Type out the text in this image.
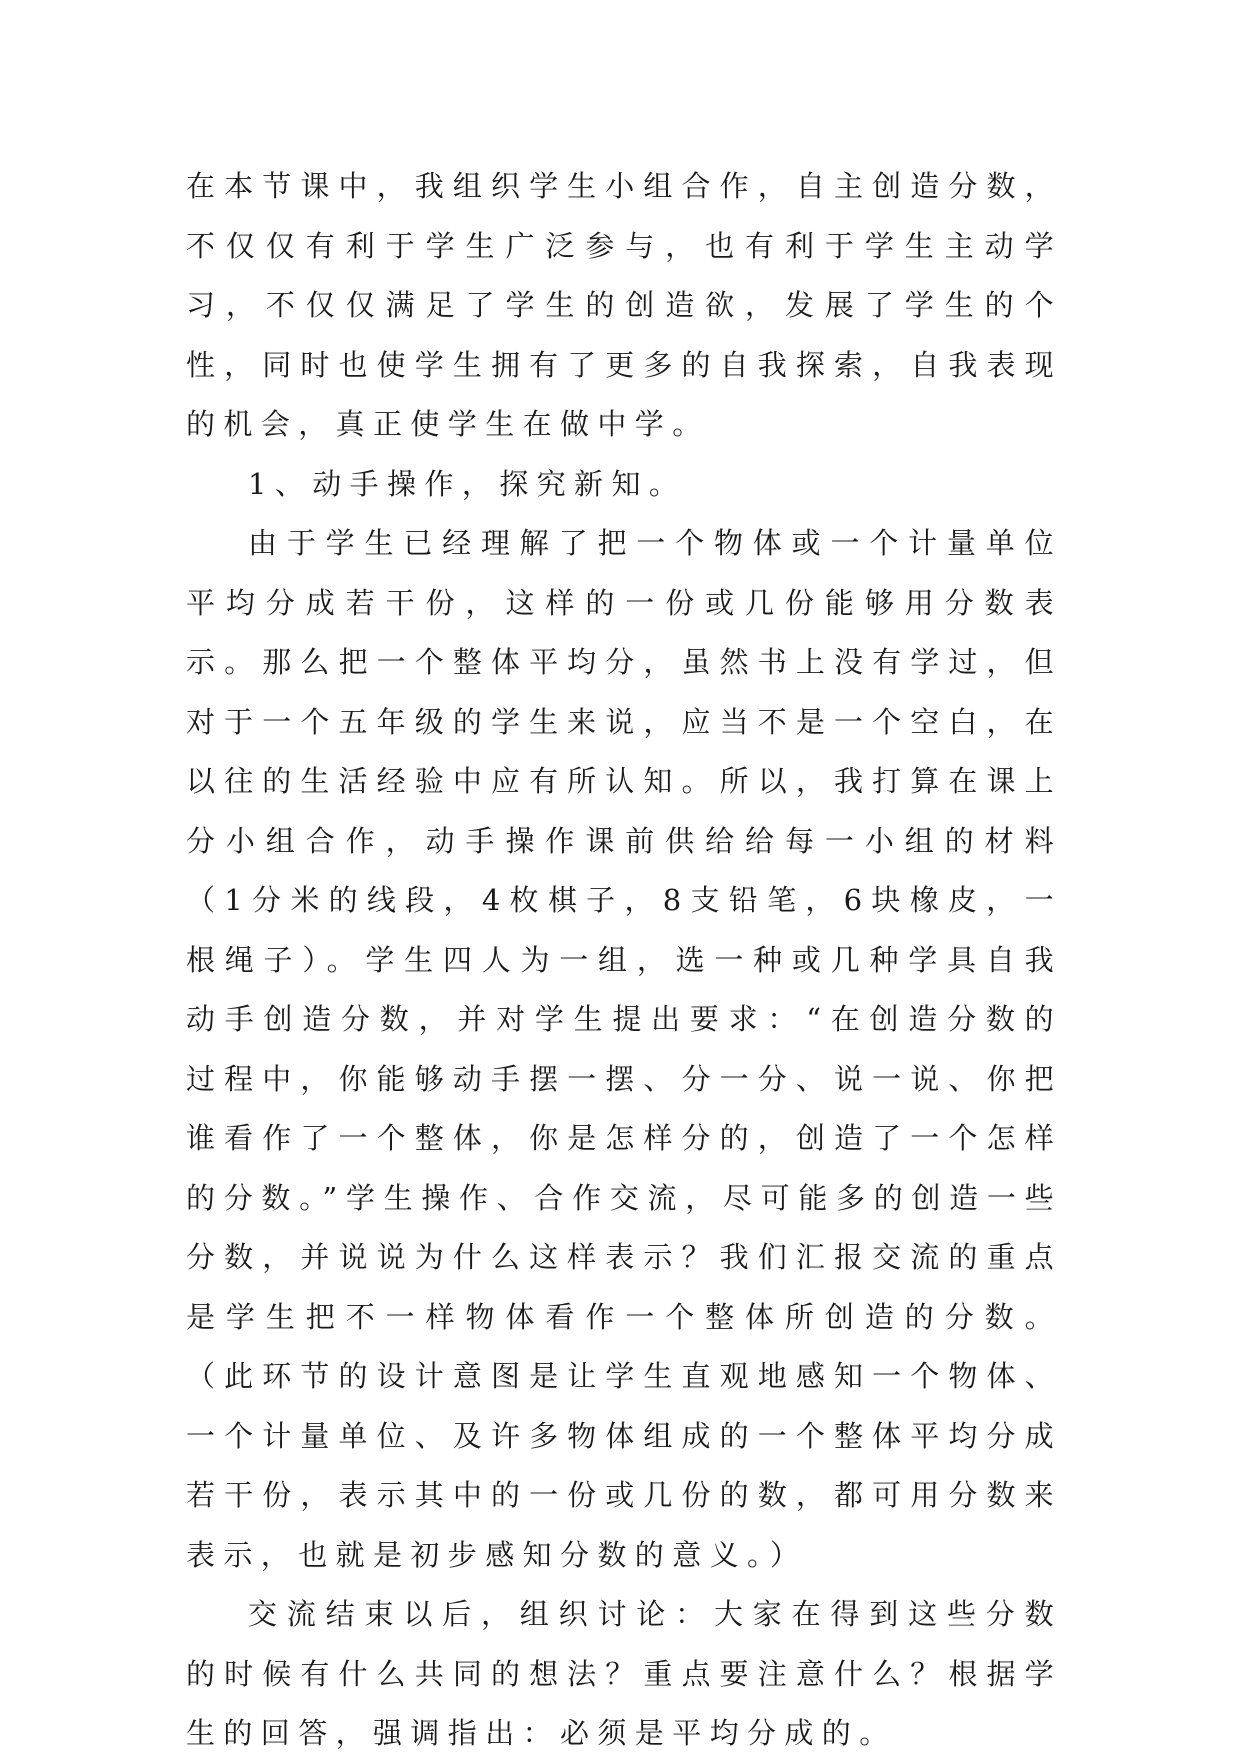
在本节课中，我组织学生小组合作，自主创造分数，不仅仅有利于学生广泛参与，也有利于学生主动学习，不仅仅满足了学生的创造欲，发展了学生的个性，同时也使学生拥有了更多的自我探索，自我表现的机会，真正使学生在做中学。

1、动手操作，探究新知。

由于学生已经理解了把一个物体或一个计量单位平均分成若干份，这样的一份或几份能够用分数表示。那么把一个整体平均分，虽然书上没有学过，但对于一个五年级的学生来说，应当不是一个空白，在以往的生活经验中应有所认知。所以，我打算在课上分小组合作，动手操作课前供给给每一小组的材料（1分米的线段，4枚棋子，8支铅笔，6块橡皮，一根绳子）。学生四人为一组，选一种或几种学具自我动手创造分数，并对学生提出要求：“在创造分数的过程中，你能够动手摆一摆、分一分、说一说、你把谁看作了一个整体，你是怎样分的，创造了一个怎样的分数。”学生操作、合作交流，尽可能多的创造一些分数，并说说为什么这样表示？我们汇报交流的重点是学生把不一样物体看作一个整体所创造的分数。（此环节的设计意图是让学生直观地感知一个物体、一个计量单位、及许多物体组成的一个整体平均分成若干份，表示其中的一份或几份的数，都可用分数来表示，也就是初步感知分数的意义。）

交流结束以后，组织讨论：大家在得到这些分数的时候有什么共同的想法？重点要注意什么？根据学生的回答，强调指出：必须是平均分成的。
